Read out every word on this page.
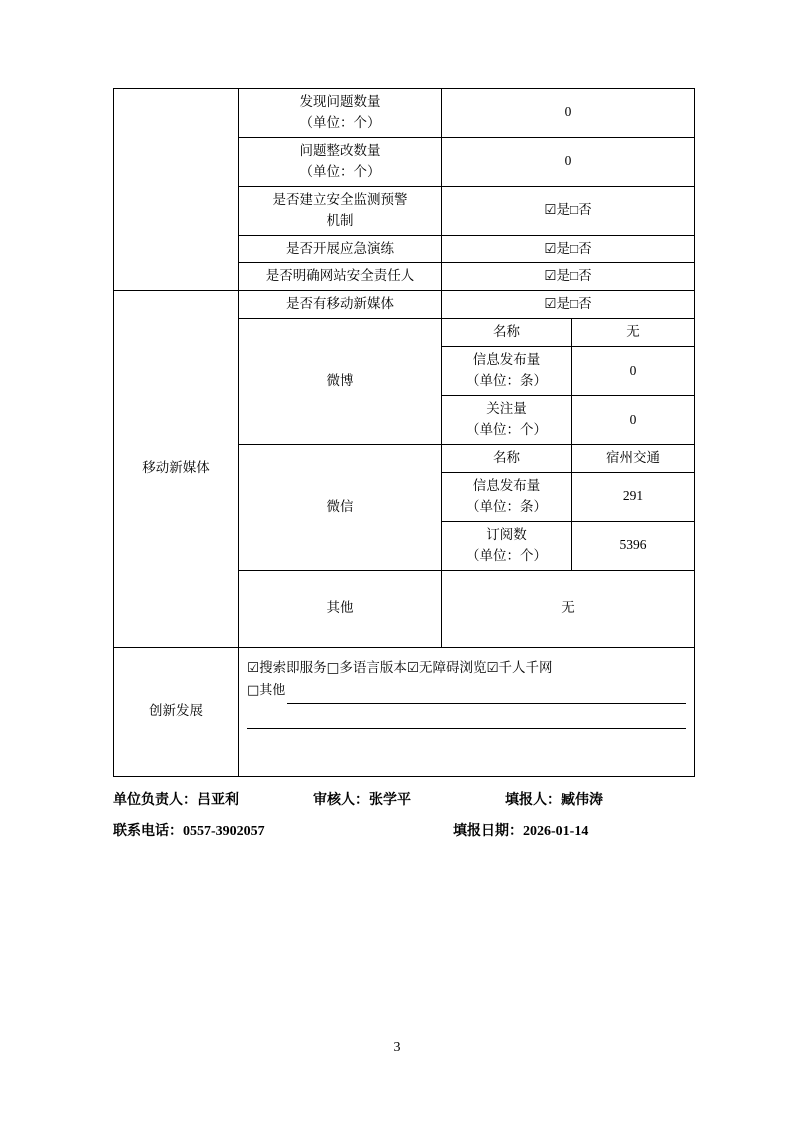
	发现问题数量
（单位：个）	0	

	问题整改数量
（单位：个）	0	

	是否建立安全监测预警
机制	☑是□否	
	是否开展应急演练	☑是□否	
	是否明确网站安全责任人	☑是□否	
移动新媒体	是否有移动新媒体	☑是□否	
	微博	名称	无

		信息发布量
（单位：条）	0

		关注量
（单位：个）	0
	微信	名称	宿州交通

		信息发布量
（单位：条）	291

		订阅数
（单位：个）	5396
	其他	无	
创新发展	☑搜索即服务□多语言版本☑无障碍浏览☑千人千网
□其他		
单位负责人：吕亚利	审核人：张学平	填报人：臧伟涛
联系电话：0557-3902057	填报日期：2026-01-14
3
